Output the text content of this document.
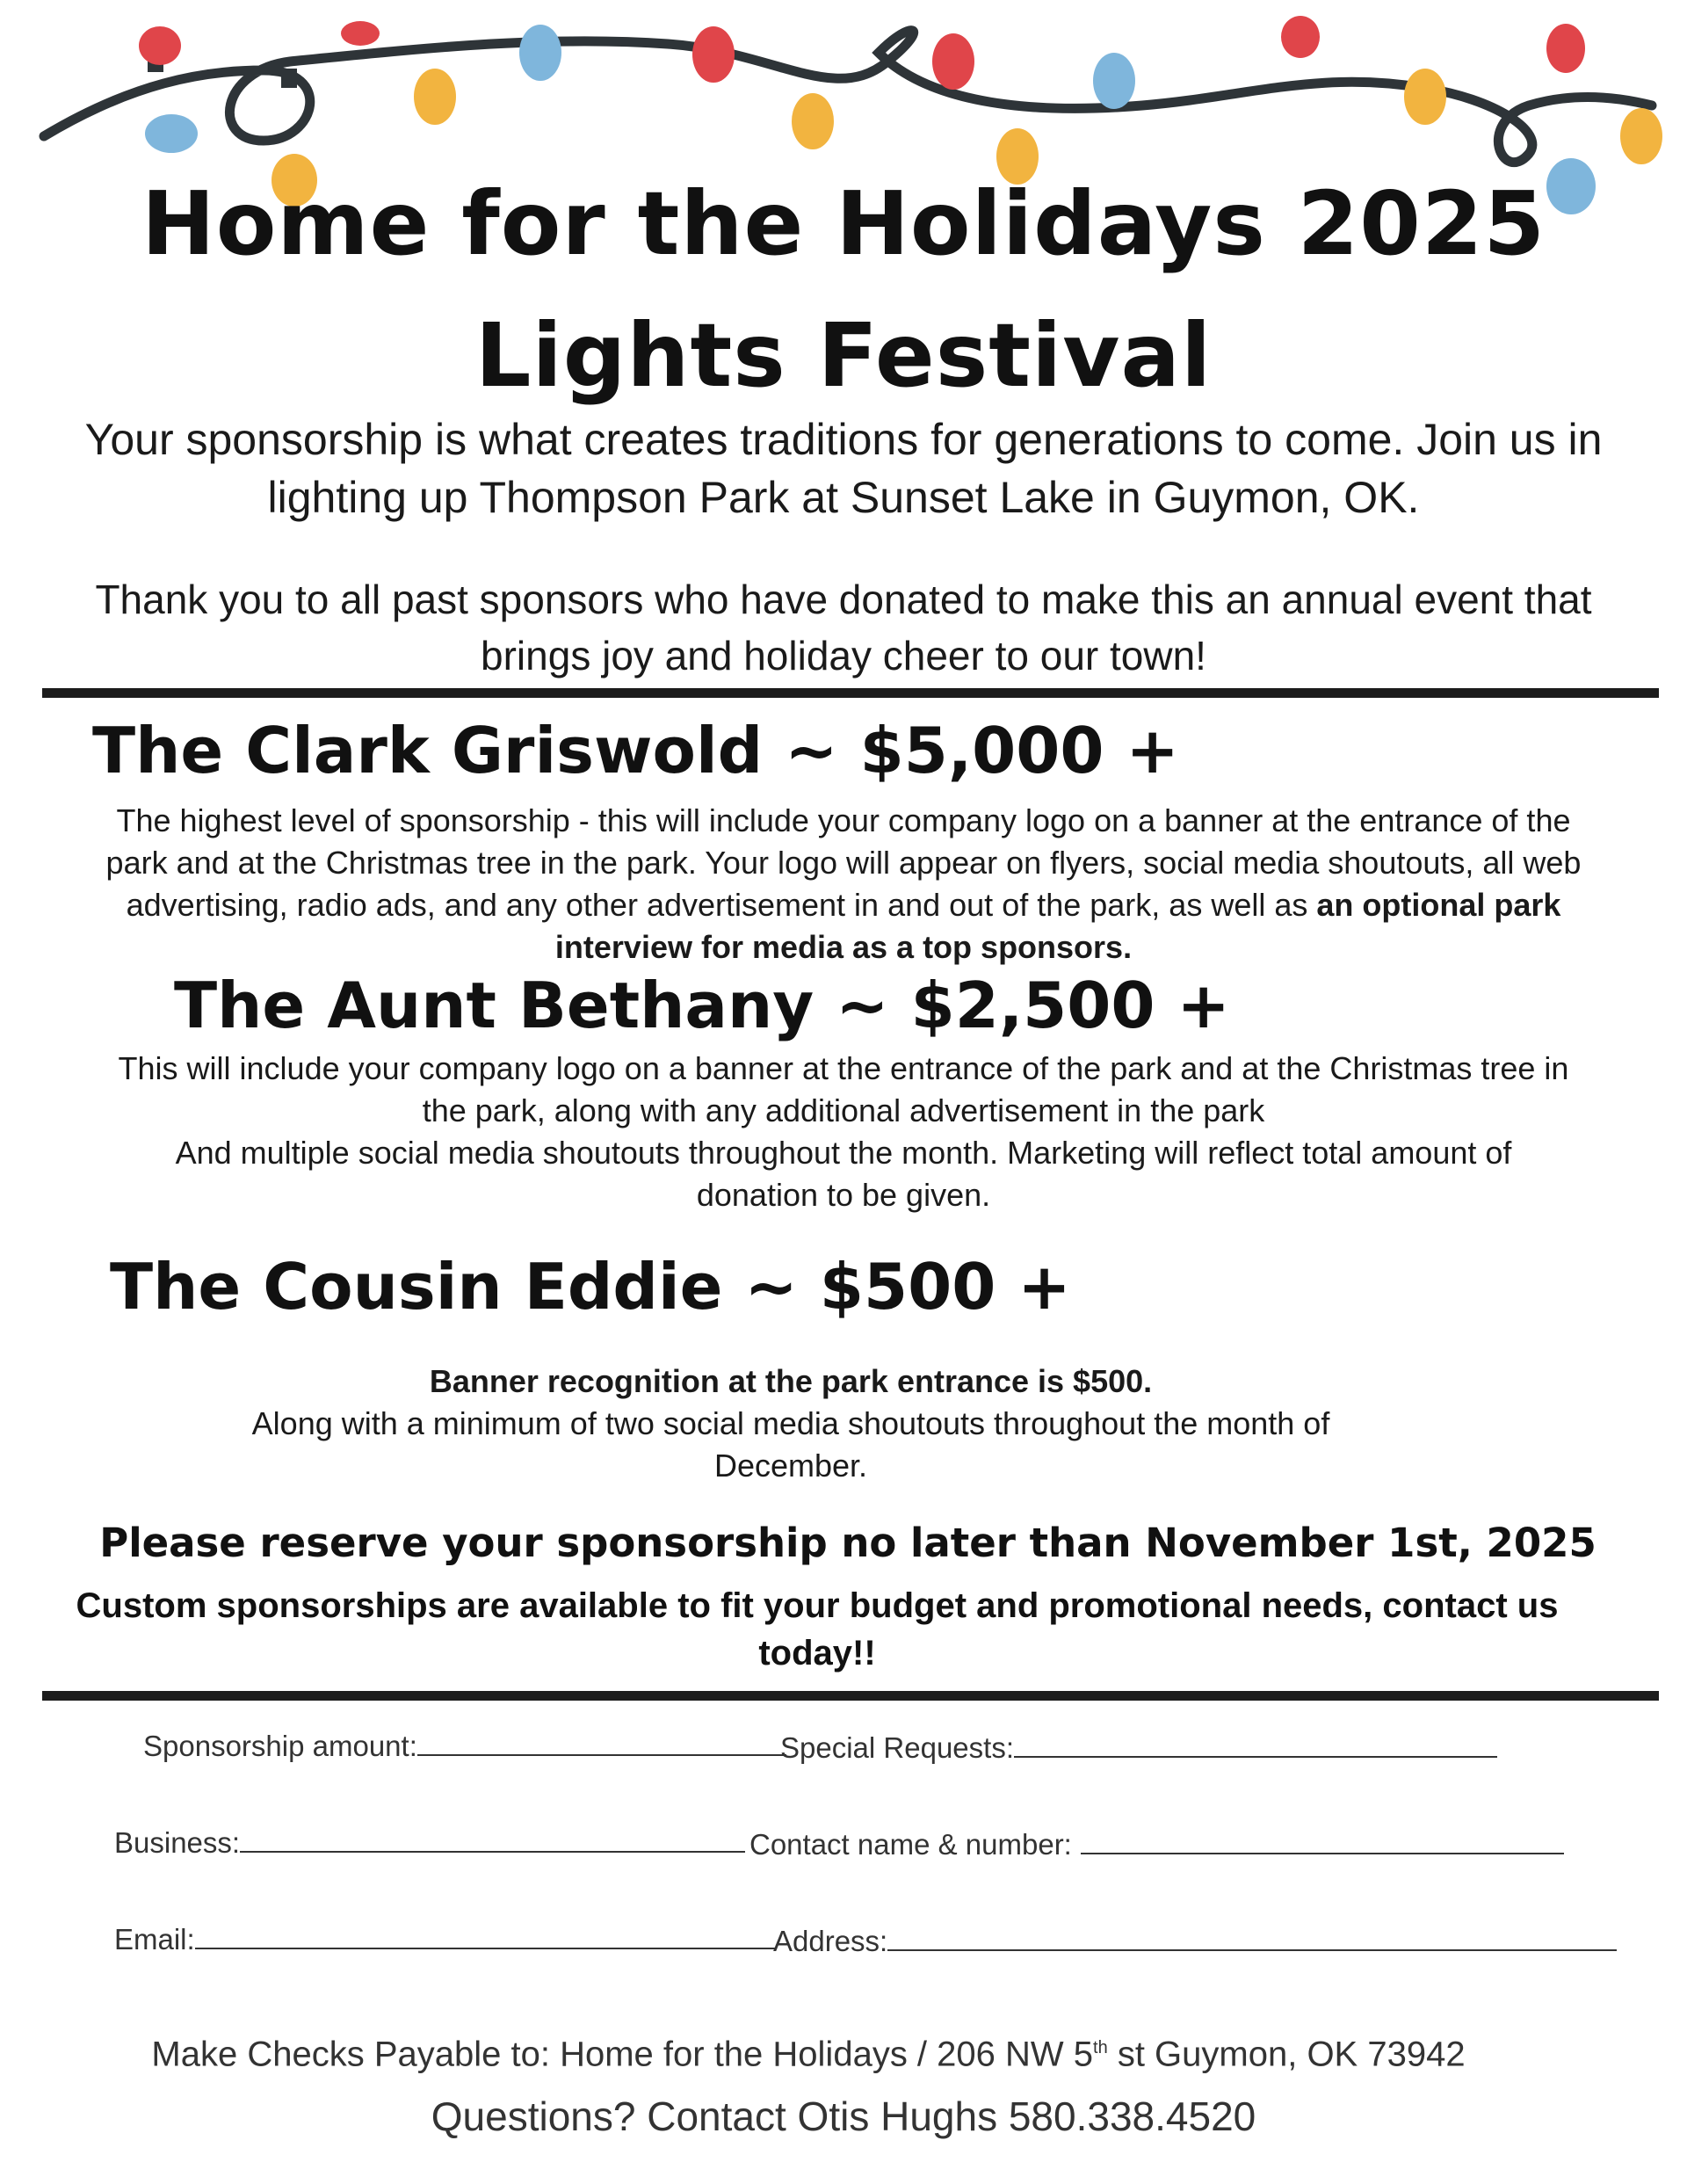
Home for the Holidays 2025
Lights Festival
Your sponsorship is what creates traditions for generations to come. Join us in
lighting up Thompson Park at Sunset Lake in Guymon, OK.
Thank you to all past sponsors who have donated to make this an annual event that
brings joy and holiday cheer to our town!
The Clark Griswold ~ $5,000 +
The highest level of sponsorship - this will include your company logo on a banner at the entrance of the
park and at the Christmas tree in the park. Your logo will appear on flyers, social media shoutouts, all web
advertising, radio ads, and any other advertisement in and out of the park, as well as an optional park
interview for media as a top sponsors.
The Aunt Bethany ~ $2,500 +
This will include your company logo on a banner at the entrance of the park and at the Christmas tree in
the park, along with any additional advertisement in the park
And multiple social media shoutouts throughout the month. Marketing will reflect total amount of
donation to be given.
The Cousin Eddie ~ $500 +
Banner recognition at the park entrance is $500.
Along with a minimum of two social media shoutouts throughout the month of
December.
Please reserve your sponsorship no later than November 1st, 2025
Custom sponsorships are available to fit your budget and promotional needs, contact us
today!!
Sponsorship amount:	Special Requests:
Business:	Contact name & number:
Email:	Address:
Make Checks Payable to: Home for the Holidays / 206 NW 5th st Guymon, OK 73942
Questions? Contact Otis Hughs 580.338.4520
